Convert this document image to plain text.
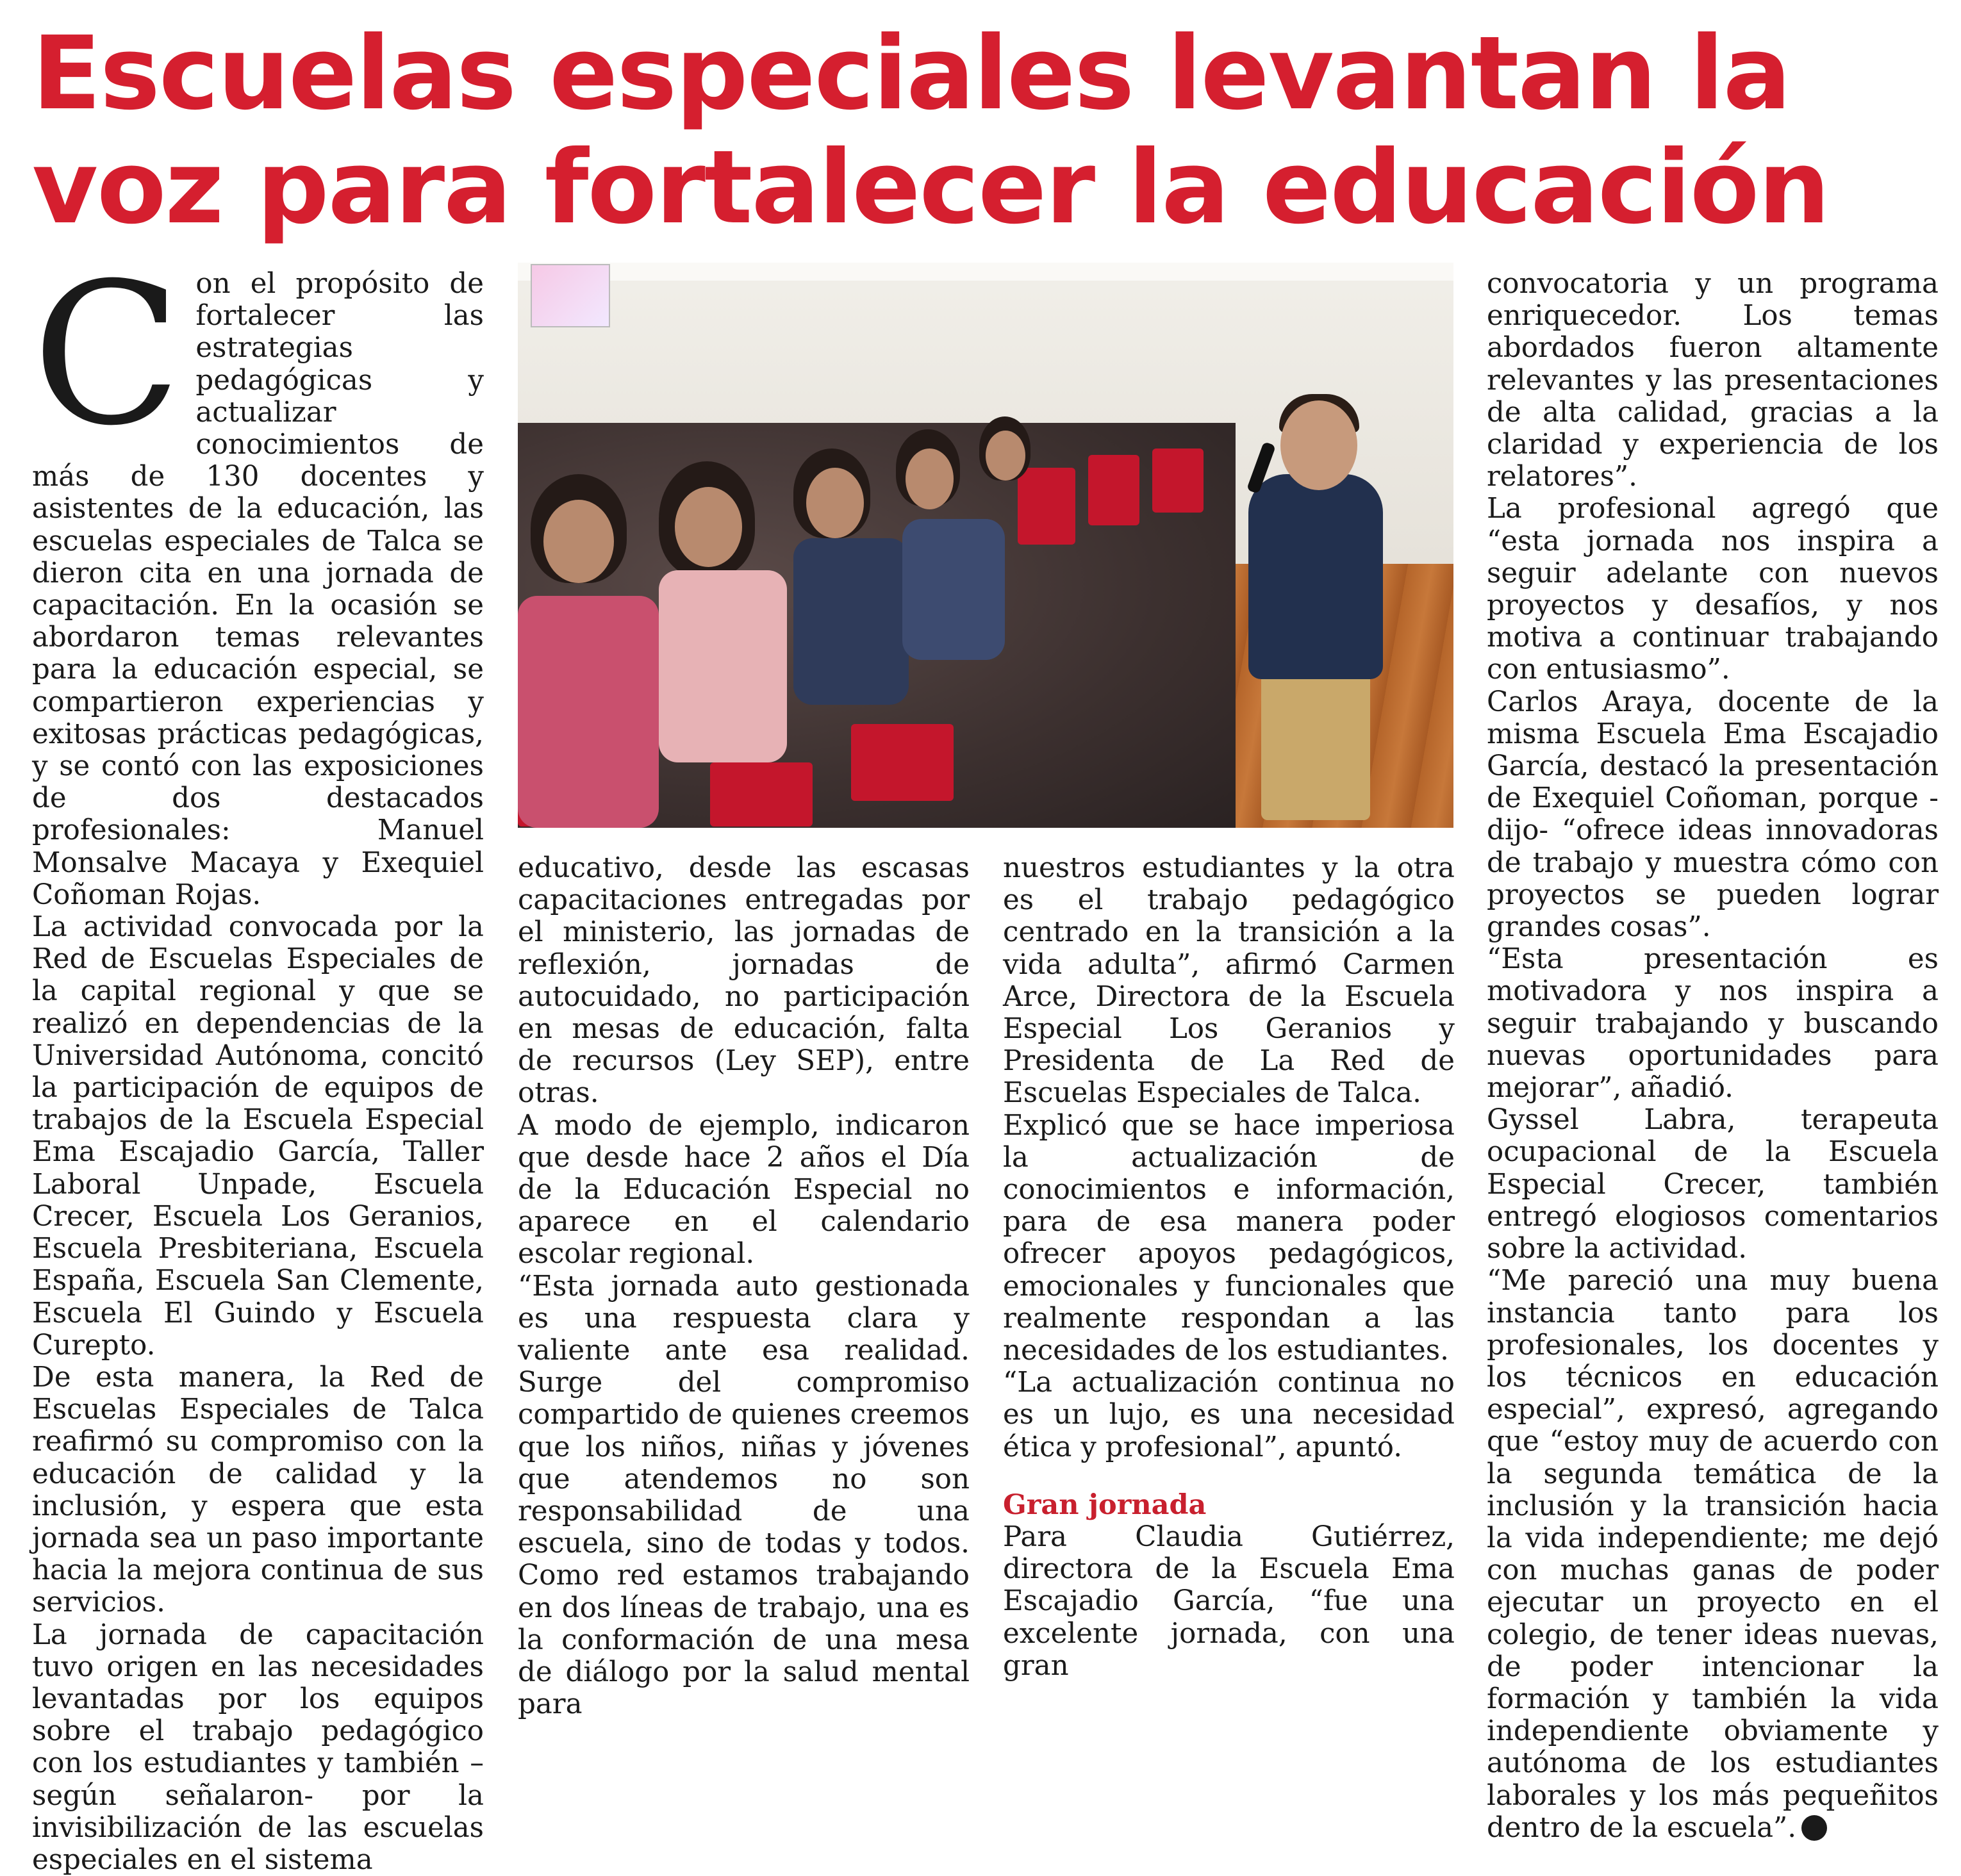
Escuelas especiales levantan la voz para fortalecer la educación
C on el propósito de fortalecer las estrategias pedagógicas y actualizar conocimientos de más de 130 docentes y asistentes de la educación, las escuelas especiales de Talca se dieron cita en una jornada de capacitación. En la ocasión se abordaron temas relevantes para la educación especial, se compartieron experiencias y exitosas prácticas pedagógicas, y se contó con las exposiciones de dos destacados profesionales: Manuel Monsalve Macaya y Exequiel Coñoman Rojas.

La actividad convocada por la Red de Escuelas Especiales de la capital regional y que se realizó en dependencias de la Universidad Autónoma, concitó la participación de equipos de trabajos de la Escuela Especial Ema Escajadio García, Taller Laboral Unpade, Escuela Crecer, Escuela Los Geranios, Escuela Presbiteriana, Escuela España, Escuela San Clemente, Escuela El Guindo y Escuela Curepto.

De esta manera, la Red de Escuelas Especiales de Talca reafirmó su compromiso con la educación de calidad y la inclusión, y espera que esta jornada sea un paso importante hacia la mejora continua de sus servicios.

La jornada de capacitación tuvo origen en las necesidades levantadas por los equipos sobre el trabajo pedagógico con los estudiantes y también –según señalaron- por la invisibilización de las escuelas especiales en el sistema

educativo, desde las escasas capacitaciones entregadas por el ministerio, las jornadas de reflexión, jornadas de autocuidado, no participación en mesas de educación, falta de recursos (Ley SEP), entre otras.

A modo de ejemplo, indicaron que desde hace 2 años el Día de la Educación Especial no aparece en el calendario escolar regional.

“Esta jornada auto gestionada es una respuesta clara y valiente ante esa realidad. Surge del compromiso compartido de quienes creemos que los niños, niñas y jóvenes que atendemos no son responsabilidad de una escuela, sino de todas y todos. Como red estamos trabajando en dos líneas de trabajo, una es la conformación de una mesa de diálogo por la salud mental para

nuestros estudiantes y la otra es el trabajo pedagógico centrado en la transición a la vida adulta”, afirmó Carmen Arce, Directora de la Escuela Especial Los Geranios y Presidenta de La Red de Escuelas Especiales de Talca.

Explicó que se hace imperiosa la actualización de conocimientos e información, para de esa manera poder ofrecer apoyos pedagógicos, emocionales y funcionales que realmente respondan a las necesidades de los estudiantes.

“La actualización continua no es un lujo, es una necesidad ética y profesional”, apuntó.

Gran jornada

Para Claudia Gutiérrez, directora de la Escuela Ema Escajadio García, “fue una excelente jornada, con una gran

convocatoria y un programa enriquecedor. Los temas abordados fueron altamente relevantes y las presentaciones de alta calidad, gracias a la claridad y experiencia de los relatores”.

La profesional agregó que “esta jornada nos inspira a seguir adelante con nuevos proyectos y desafíos, y nos motiva a continuar trabajando con entusiasmo”.

Carlos Araya, docente de la misma Escuela Ema Escajadio García, destacó la presentación de Exequiel Coñoman, porque -dijo- “ofrece ideas innovadoras de trabajo y muestra cómo con proyectos se pueden lograr grandes cosas”.

“Esta presentación es motivadora y nos inspira a seguir trabajando y buscando nuevas oportunidades para mejorar”, añadió.

Gyssel Labra, terapeuta ocupacional de la Escuela Especial Crecer, también entregó elogiosos comentarios sobre la actividad.

“Me pareció una muy buena instancia tanto para los profesionales, los docentes y los técnicos en educación especial”, expresó, agregando que “estoy muy de acuerdo con la segunda temática de la inclusión y la transición hacia la vida independiente; me dejó con muchas ganas de poder ejecutar un proyecto en el colegio, de tener ideas nuevas, de poder intencionar la formación y también la vida independiente obviamente y autónoma de los estudiantes laborales y los más pequeñitos dentro de la escuela”.
